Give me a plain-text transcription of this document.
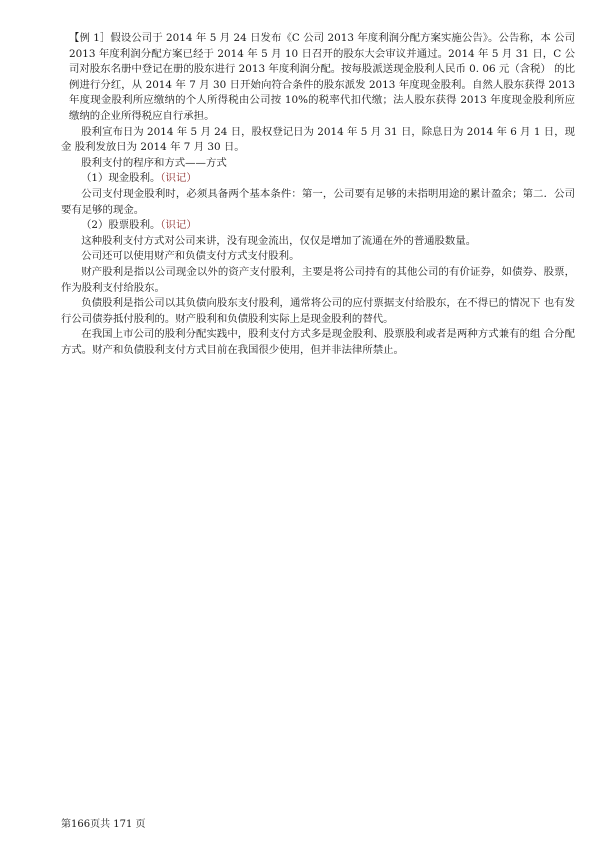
【例 1］假设公司于 2014 年 5 月 24 日发布《C 公司 2013 年度利润分配方案实施公告》。公告称，本 公司 2013 年度利润分配方案已经于 2014 年 5 月 10 日召开的股东大会审议并通过。2014 年 5 月 31 日，C 公司对股东名册中登记在册的股东进行 2013 年度利润分配。按每股派送现金股利人民币 0. 06 元（含税） 的比例进行分红，从 2014 年 7 月 30 日开始向符合条件的股东派发 2013 年度现金股利。自然人股东获得 2013 年度现金股利所应缴纳的个人所得税由公司按 10%的税率代扣代缴；法人股东获得 2013 年度现金股利所应 缴纳的企业所得税应自行承担。

股利宣布日为 2014 年 5 月 24 日，股权登记日为 2014 年 5 月 31 日，除息日为 2014 年 6 月 1 日，现金 股利发放日为 2014 年 7 月 30 日。

股利支付的程序和方式——方式

（1）现金股利。（识记）

公司支付现金股利时，必须具备两个基本条件：第一，公司要有足够的未指明用途的累计盈余；第二．公司要有足够的现金。

（2）股票股利。（识记）

这种股利支付方式对公司来讲，没有现金流出，仅仅是增加了流通在外的普通股数量。

公司还可以使用财产和负债支付方式支付股利。

财产股利是指以公司现金以外的资产支付股利，主要是将公司持有的其他公司的有价证券，如债券、股票，作为股利支付给股东。

负债股利是指公司以其负债向股东支付股利，通常将公司的应付票据支付给股东，在不得已的情况下 也有发行公司债券抵付股利的。财产股利和负债股利实际上是现金股利的替代。

在我国上市公司的股利分配实践中，股利支付方式多是现金股利、股票股利或者是两种方式兼有的组 合分配方式。财产和负债股利支付方式目前在我国很少使用，但并非法律所禁止。

第166页共 171 页
